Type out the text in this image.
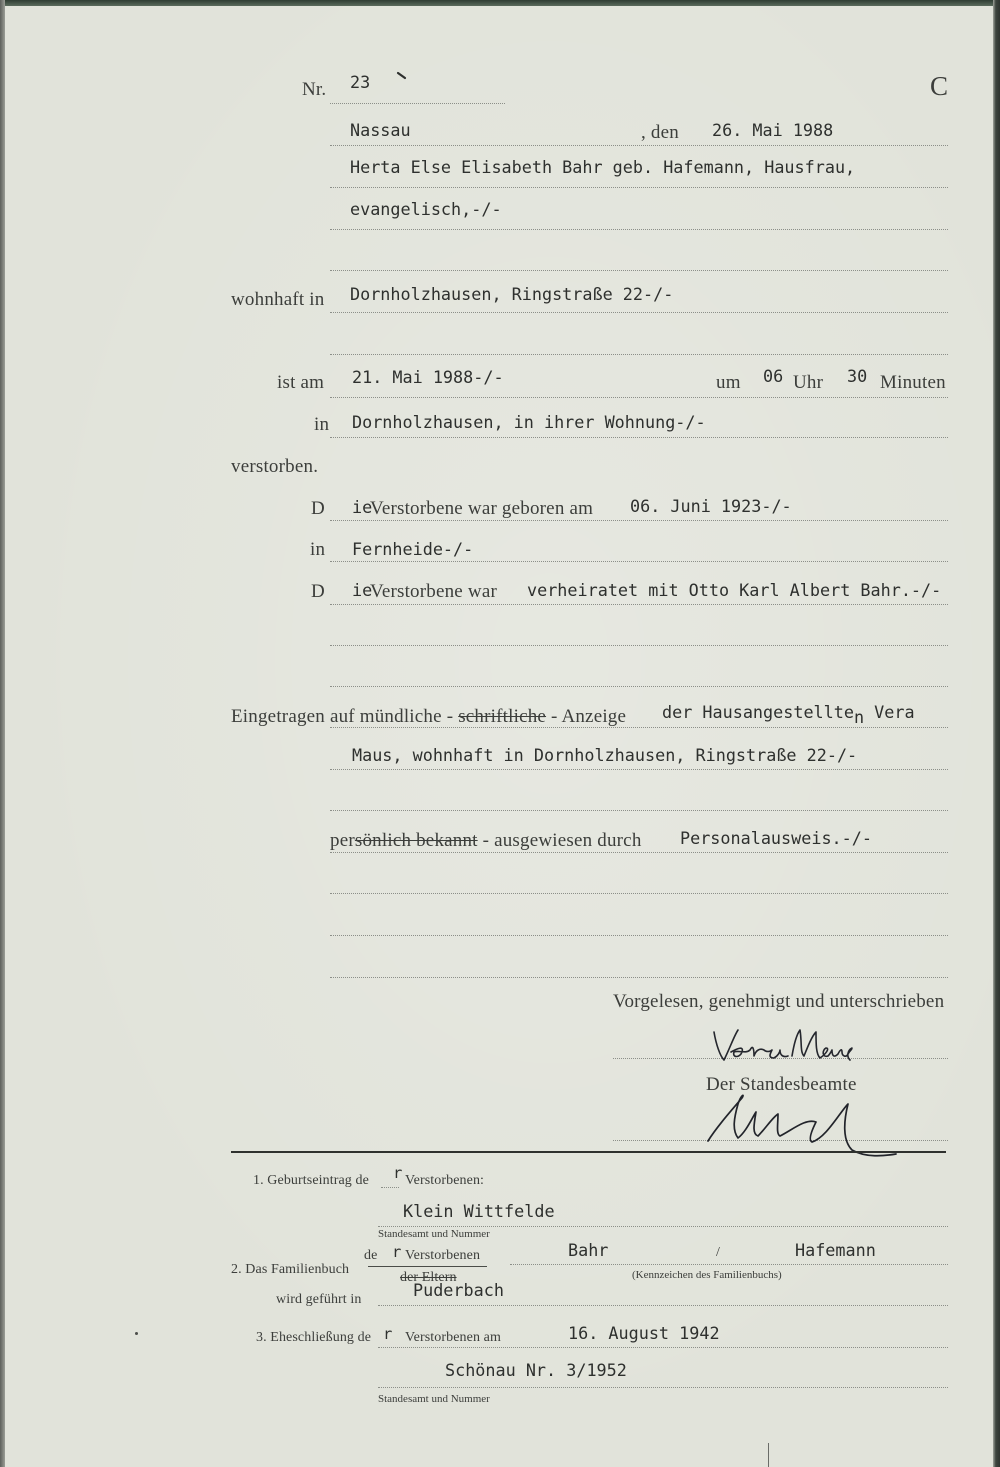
Nr. 23	C
Nassau	, den 26. Mai 1988
Herta Else Elisabeth Bahr geb. Hafemann, Hausfrau,
evangelisch,-/-
wohnhaft in Dornholzhausen, Ringstraße 22-/-
ist am 21. Mai 1988-/-	um 06 Uhr 30 Minuten
in Dornholzhausen, in ihrer Wohnung-/-
verstorben.
D ie
Verstorbene war geboren am 06. Juni 1923-/-
in Fernheide-/-
D ie
Verstorbene war verheiratet mit Otto Karl Albert Bahr.-/-
Eingetragen auf mündliche - schriftliche - Anzeige der Hausangestellten Vera
Maus, wohnhaft in Dornholzhausen, Ringstraße 22-/-
persönlich bekannt - ausgewiesen durch Personalausweis.-/-
Vorgelesen, genehmigt und unterschrieben
Der Standesbeamte
1. Geburtseintrag de r Verstorbenen:
Klein Wittfelde
Standesamt und Nummer
2. Das Familienbuch
de r Verstorbenen
der Eltern
Bahr	/	Hafemann
(Kennzeichen des Familienbuchs)
wird geführt in	Puderbach
3. Eheschließung de r Verstorbenen am	16. August 1942
Schönau Nr. 3/1952
Standesamt und Nummer
